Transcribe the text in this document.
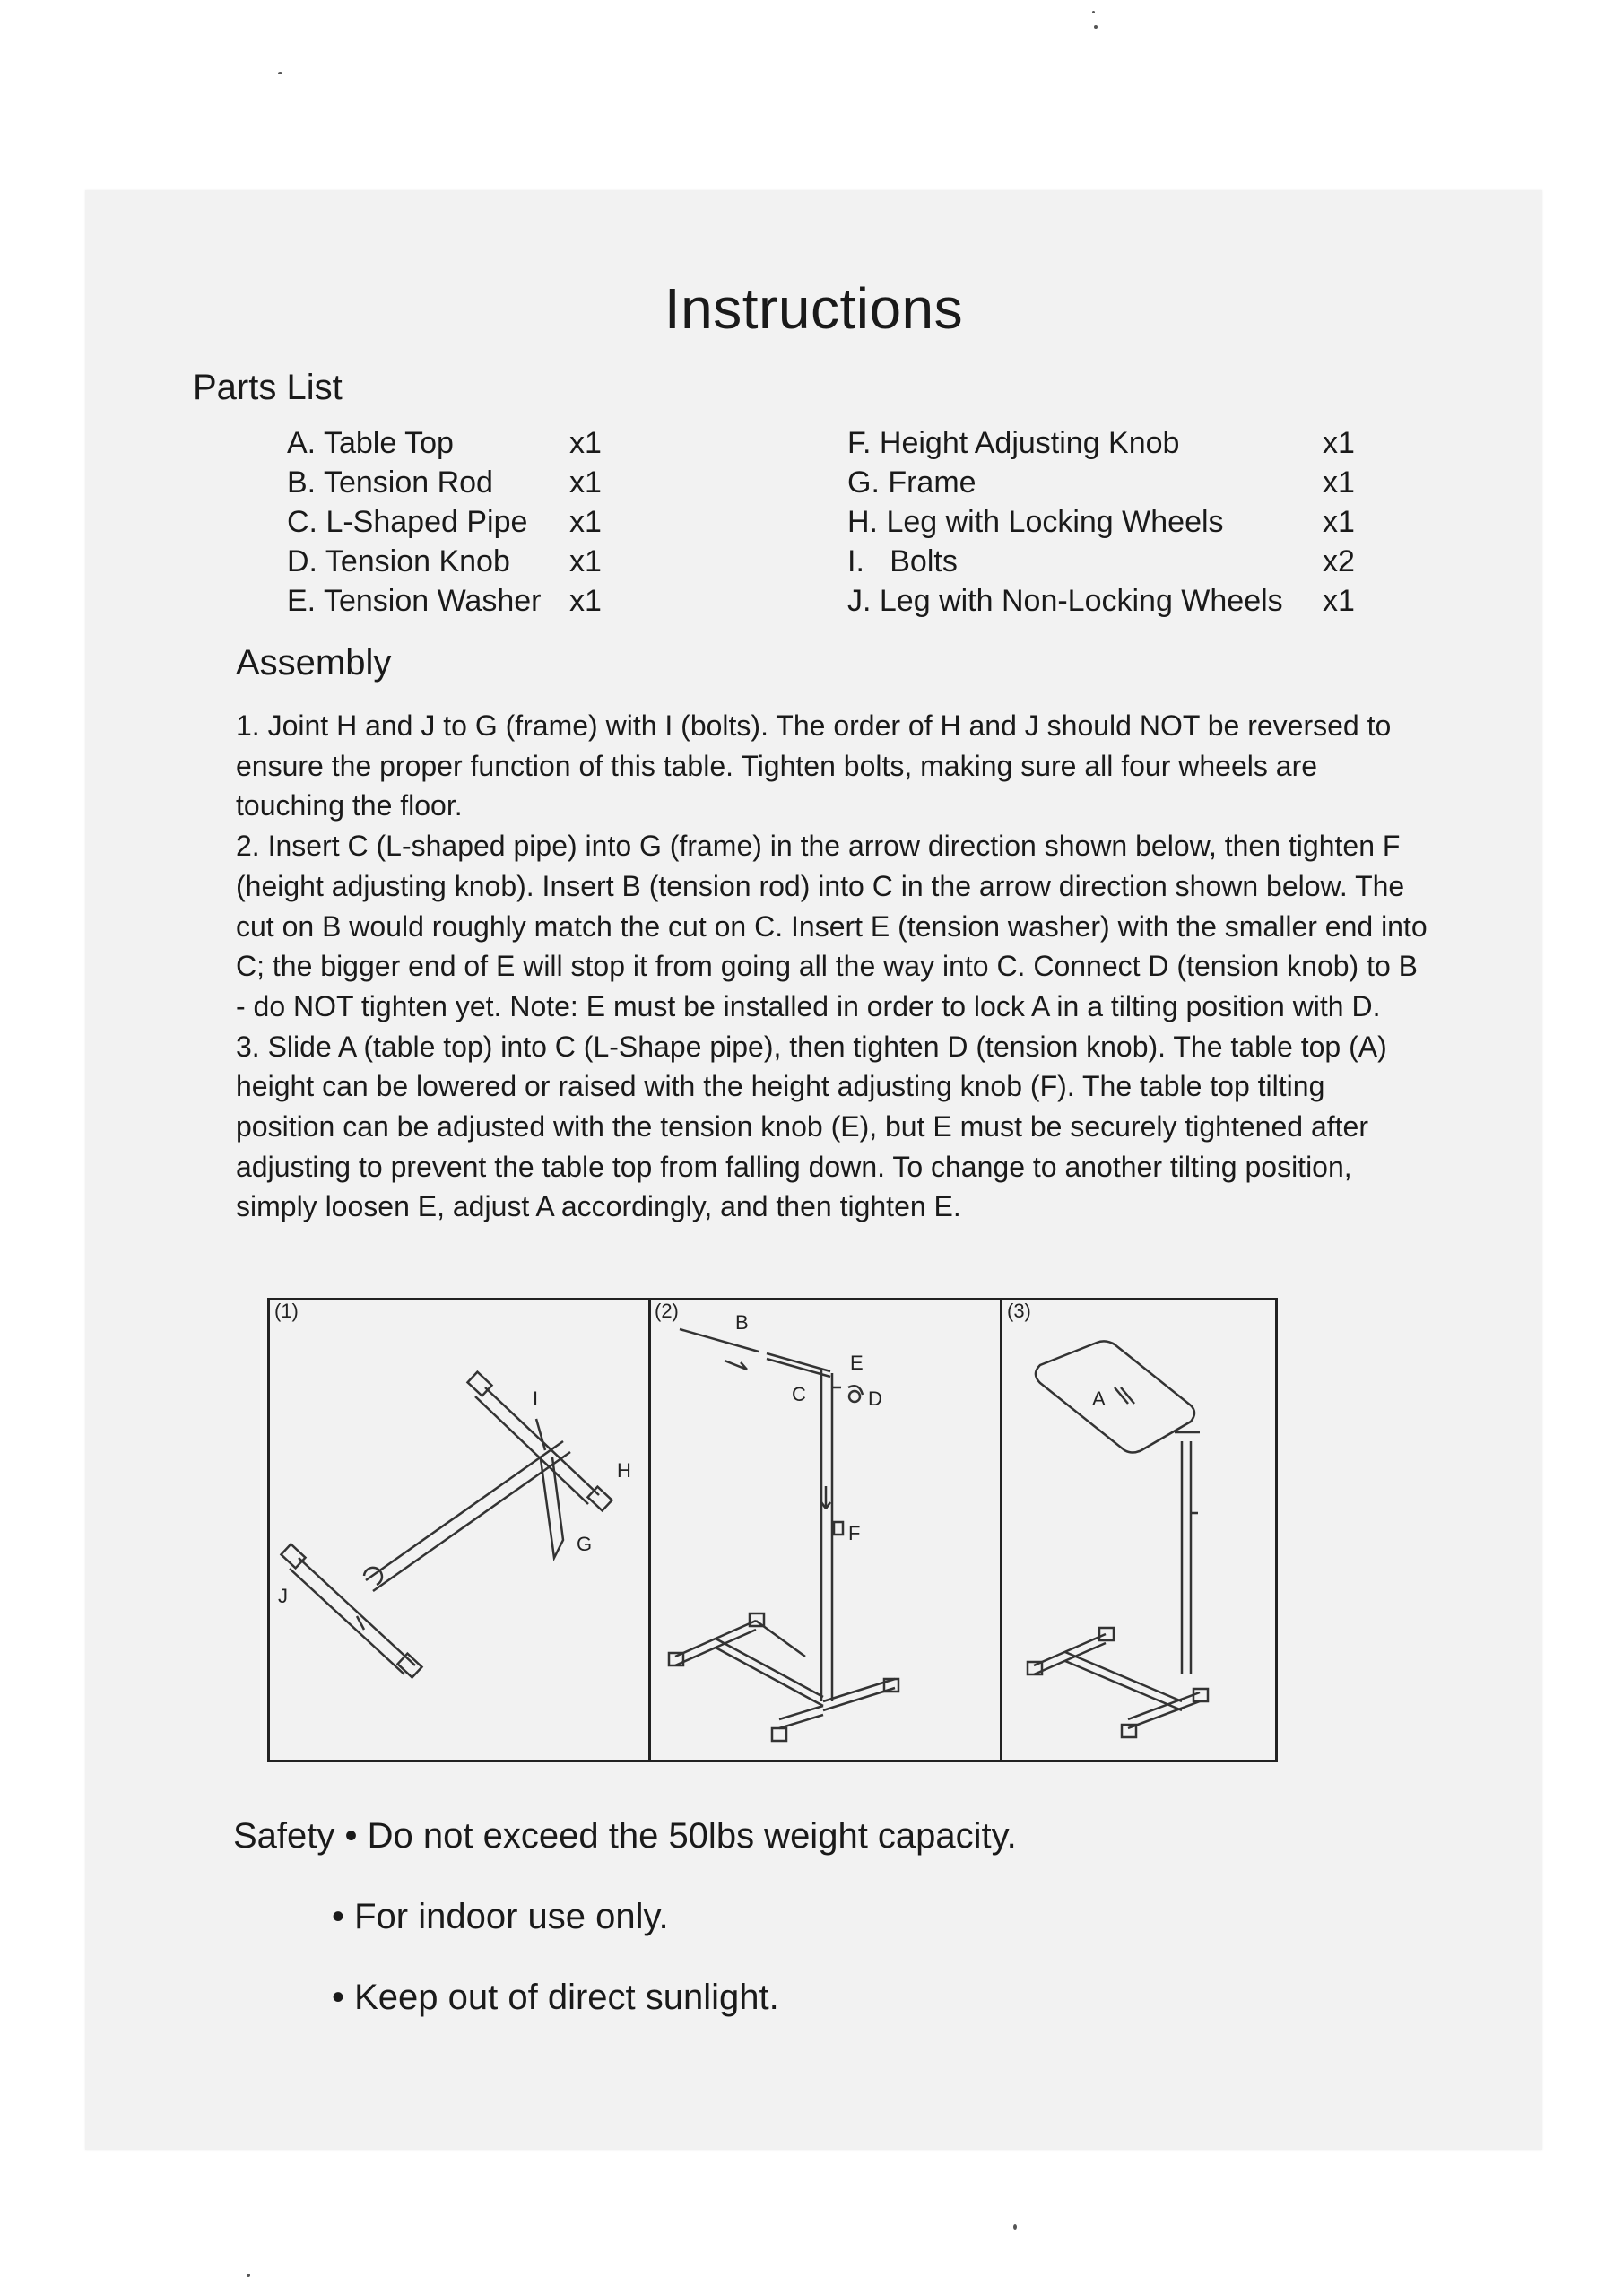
Instructions
Parts List
A. Table Top	x1
B. Tension Rod	x1
C. L-Shaped Pipe	x1
D. Tension Knob	x1
E. Tension Washer x1
F. Height Adjusting Knob	x1
G. Frame	x1
H. Leg with Locking Wheels	x1
I.   Bolts	x2
J. Leg with Non-Locking Wheels	x1
Assembly

1. Joint H and J to G (frame) with I (bolts). The order of H and J should NOT be reversed to ensure the proper function of this table. Tighten bolts, making sure all four wheels are touching the floor.

2. Insert C (L-shaped pipe) into G (frame) in the arrow direction shown below, then tighten F (height adjusting knob). Insert B (tension rod) into C in the arrow direction shown below. The cut on B would roughly match the cut on C. Insert E (tension washer) with the smaller end into C; the bigger end of E will stop it from going all the way into C. Connect D (tension knob) to B - do NOT tighten yet. Note: E must be installed in order to lock A in a tilting position with D.

3. Slide A (table top) into C (L-Shape pipe), then tighten D (tension knob). The table top (A) height can be lowered or raised with the height adjusting knob (F). The table top tilting position can be adjusted with the tension knob (E), but E must be securely tightened after adjusting to prevent the table top from falling down. To change to another tilting position, simply loosen E, adjust A accordingly, and then tighten E.

(1)	(2)	(3)
I
H
G
J
B
E
C	D
F
A
Safety • Do not exceed the 50lbs weight capacity.
• For indoor use only.
• Keep out of direct sunlight.
